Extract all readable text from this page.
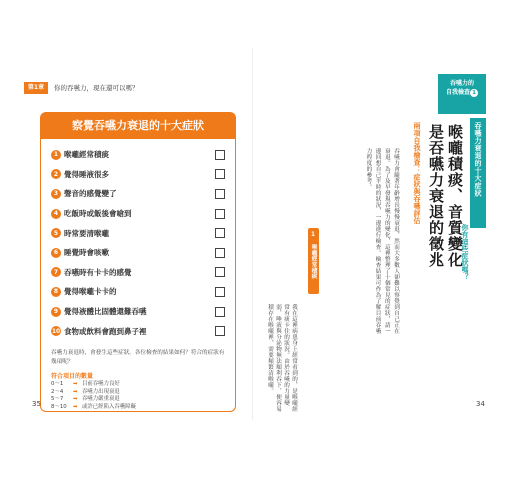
第1章	你的吞嚥力，現在還可以嗎？
察覺吞嚥力衰退的十大症狀
1 喉嚨經常積痰
2 覺得睡液很多
3 聲音的感覺變了
4 吃飯時或飯後會嗆到
5 時常要清喉嚨
6 睡覺時會咳嗽
7 吞嚥時有卡卡的感覺
8 覺得喉嚨卡卡的
9 覺得液體比固體還難吞嚥
10 食物或飲料會跑到鼻子裡
吞嚥力衰退時，會發生這些症狀。各位檢查的結果如何？符合的症狀有幾項呢？
符合項目的數量
0～1	➡ 目前吞嚥力良好
2～4	➡ 吞嚥力出現衰退
5～7	➡ 吞嚥力嚴重衰退
8～10	➡ 或許已經陷入吞嚥障礙
35
吞嚥力的
自我檢查 1
吞嚥力衰退的十大症狀
喉嚨積痰、音質變化
是吞嚥力衰退的徵兆
兩項自我檢查：症狀與吞嚥評估
吞嚥力會隨著年齡增長慢慢衰退，然而大多數人卻難以察覺到自己正在衰退。為了及早發現吞嚥力的變化，這裡整理了十個常見的症狀，請一邊回想自己平時的狀況，一邊進行檢查。檢查結果可作為了解目前吞嚥力程度的參考。
你有這些症狀嗎？
1 喉嚨經常積痰
我在這裡病患身上經常看到的，是喉嚨經常有痰卡住的狀況。由於吞嚥的力量變弱，唾液與分泌物無法順利吞下，便容易積存在喉嚨裡，需要頻繁清喉嚨。
34
